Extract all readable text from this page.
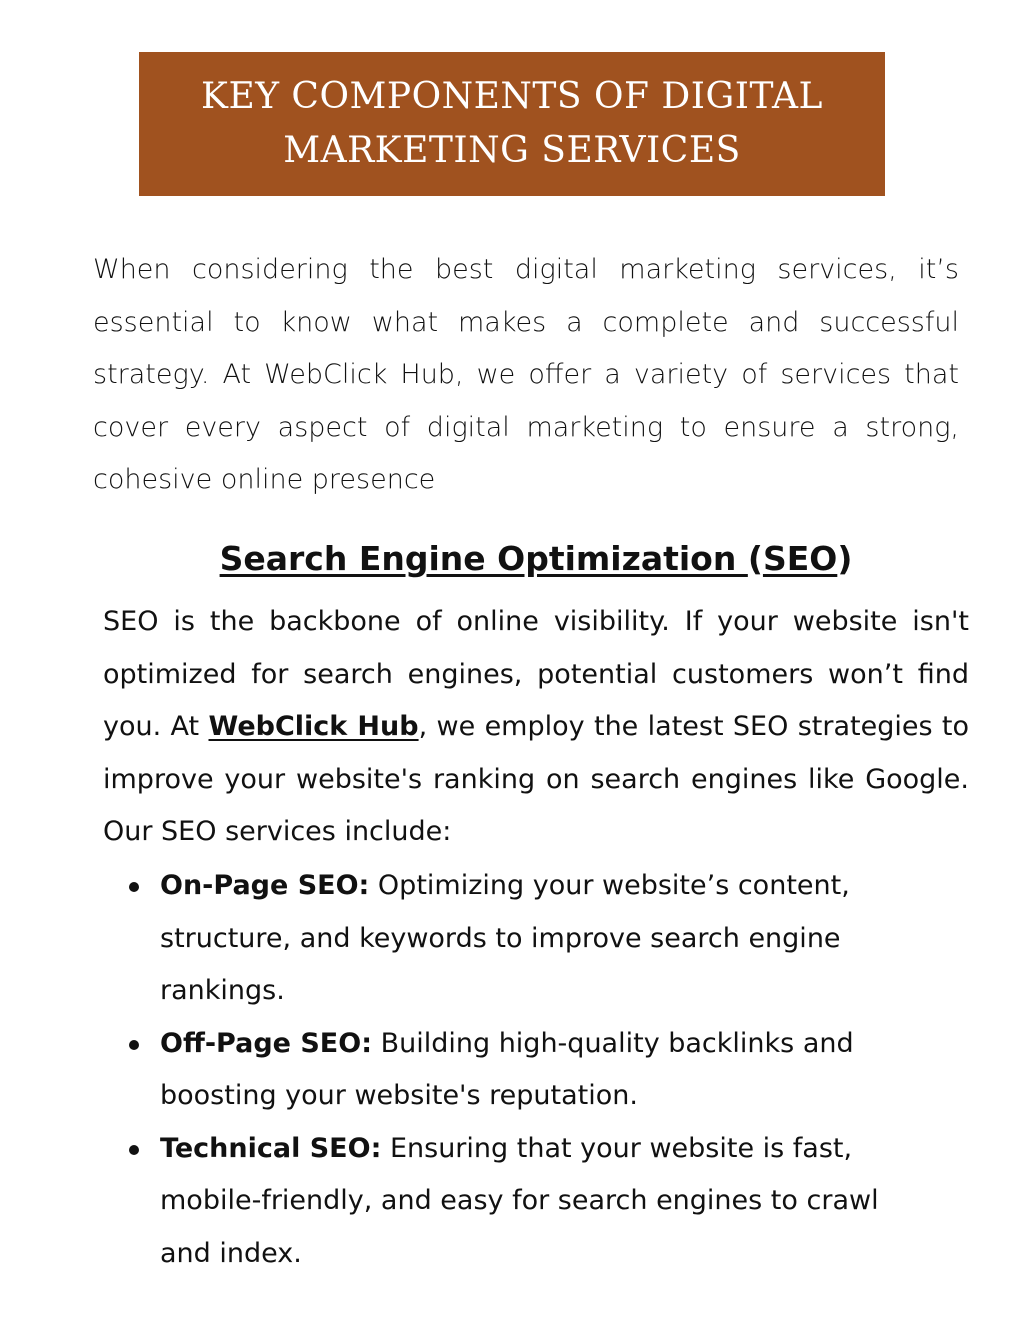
KEY COMPONENTS OF DIGITAL
MARKETING SERVICES

When considering the best digital marketing services, it’s essential to know what makes a complete and successful strategy. At WebClick Hub, we offer a variety of services that cover every aspect of digital marketing to ensure a strong, cohesive online presence

Search Engine Optimization (SEO)

SEO is the backbone of online visibility. If your website isn't optimized for search engines, potential customers won’t find you. At WebClick Hub, we employ the latest SEO strategies to improve your website's ranking on search engines like Google. Our SEO services include:

On-Page SEO: Optimizing your website’s content, structure, and keywords to improve search engine rankings.
Off-Page SEO: Building high-quality backlinks and boosting your website's reputation.
Technical SEO: Ensuring that your website is fast, mobile-friendly, and easy for search engines to crawl and index.
